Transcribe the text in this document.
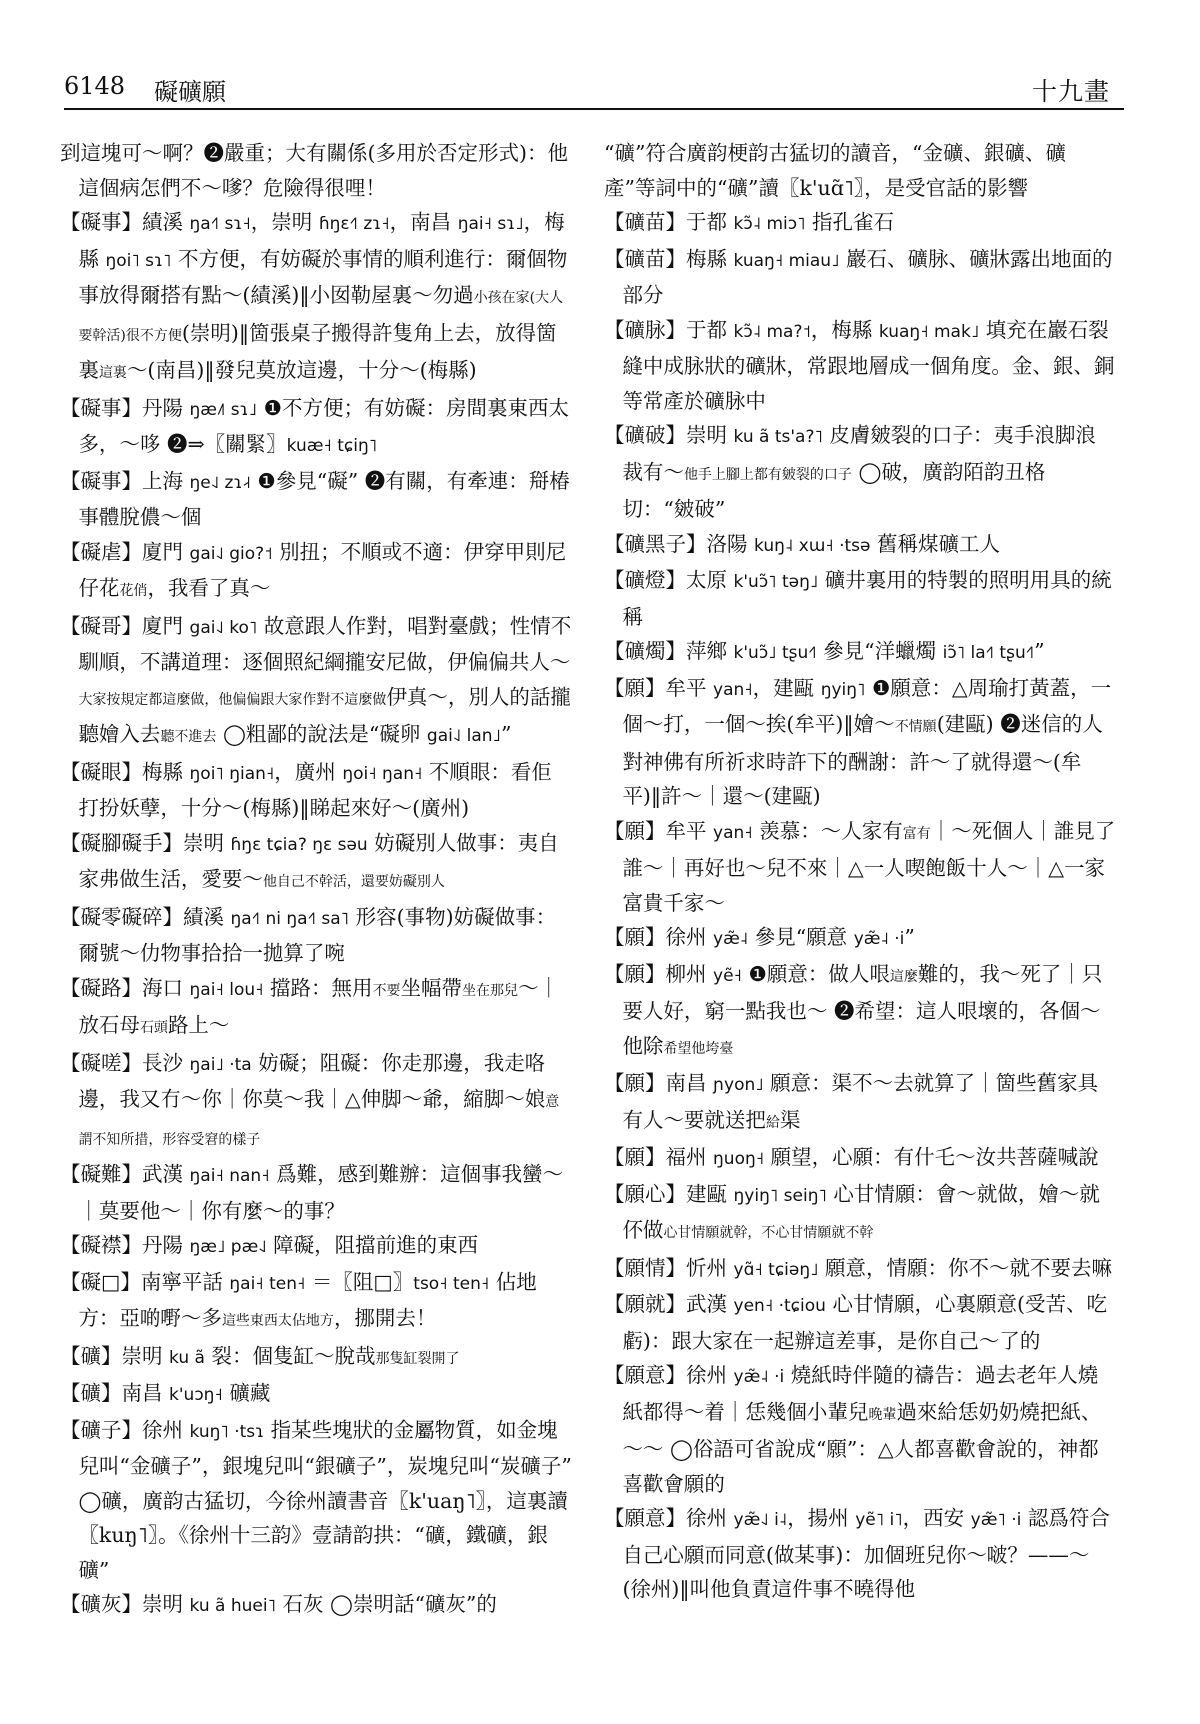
6148 礙礦願	十九畫

到這塊可～啊？❷嚴重；大有關係(多用於否定形式)：他這個病怎們不～嗲？危險得很哩！

【礙事】績溪 ŋa˧˥ sɿ˧，崇明 ɦŋɛ˧˥ zɿ˧，南昌 ŋai˧ sɿ˩，梅縣 ŋoi˥ sɿ˥ 不方便，有妨礙於事情的順利進行：爾個物事放得爾搭有點～(績溪)‖小囡勒屋裏～勿過小孩在家(大人要幹活)很不方便(崇明)‖箇張桌子搬得許隻角上去，放得箇裏這裏～(南昌)‖發兒莫放這邊，十分～(梅縣)

【礙事】丹陽 ŋæ˩˥ sɿ˩ ❶不方便；有妨礙：房間裏東西太多，～哆 ❷⇒〖關緊〗kuæ˧ tɕiŋ˥

【礙事】上海 ŋe˨˩ zɿ˨˧ ❶參見“礙” ❷有關，有牽連：搿椿事體脫儂～個

【礙虐】廈門 gai˨˩ gio?˦ 別扭；不順或不適：伊穿甲則尼仔花花俏，我看了真～

【礙哥】廈門 gai˨˩ ko˥ 故意跟人作對，唱對臺戲；性情不馴順，不講道理：逐個照紀綱攏安尼做，伊偏偏共人～大家按規定都這麼做，他偏偏跟大家作對不這麼做伊真～，別人的話攏聽嬒入去聽不進去 ◯粗鄙的說法是“礙卵 gai˨˩ lan˩”

【礙眼】梅縣 ŋoi˥ ŋian˧，廣州 ŋoi˧ ŋan˧ 不順眼：看佢打扮妖孽，十分～(梅縣)‖睇起來好～(廣州)

【礙腳礙手】崇明 ɦŋɛ tɕia? ŋɛ səu 妨礙別人做事：夷自家弗做生活，愛要～他自己不幹活，還要妨礙別人

【礙零礙碎】績溪 ŋa˧˥ ni ŋa˧˥ sa˥ 形容(事物)妨礙做事：爾號～仂物事拾拾一拋算了啘

【礙路】海口 ŋai˧ lou˧ 擋路：無用不要坐幅帶坐在那兒～｜放石母石頭路上～

【礙嗟】長沙 ŋai˩ ·ta 妨礙；阻礙：你走那邊，我走咯邊，我又冇～你｜你莫～我｜△伸脚～爺，縮脚～娘意謂不知所措，形容受窘的樣子

【礙難】武漢 ŋai˧ nan˧ 爲難，感到難辦：這個事我蠻～｜莫要他～｜你有麼～的事？

【礙襟】丹陽 ŋæ˩ pæ˨˩ 障礙，阻擋前進的東西

【礙□】南寧平話 ŋai˧ ten˧ ＝〖阻□〗tso˧ ten˧ 佔地方：亞啲嘢～多這些東西太佔地方，挪開去！

【礦】崇明 ku ã 裂：個隻缸～脫哉那隻缸裂開了

【礦】南昌 k'uɔŋ˧ 礦藏

【礦子】徐州 kuŋ˥ ·tsɿ 指某些塊狀的金屬物質，如金塊兒叫“金礦子”，銀塊兒叫“銀礦子”，炭塊兒叫“炭礦子” ◯礦，廣韵古猛切，今徐州讀書音〖k'uaŋ˥〗，這裏讀〖kuŋ˥〗。《徐州十三韵》壹請韵拱：“礦，鐵礦，銀礦”

【礦灰】崇明 ku ã huei˥ 石灰 ◯崇明話“礦灰”的

“礦”符合廣韵梗韵古猛切的讀音，“金礦、銀礦、礦產”等詞中的“礦”讀〖k'uɑ̃˥〗，是受官話的影響

【礦苗】于都 kɔ̃˨ miɔ˥ 指孔雀石

【礦苗】梅縣 kuaŋ˧ miau˩ 巖石、礦脉、礦牀露出地面的部分

【礦脉】于都 kɔ̃˨ ma?˦，梅縣 kuaŋ˧ mak˩ 填充在巖石裂縫中成脉狀的礦牀，常跟地層成一個角度。金、銀、銅等常產於礦脉中

【礦破】崇明 ku ã ts'a?˥ 皮膚皴裂的口子：夷手浪脚浪裁有～他手上腳上都有皴裂的口子 ◯破，廣韵陌韵丑格切：“皴破”

【礦黑子】洛陽 kuŋ˨ xɯ˧ ·tsə 舊稱煤礦工人

【礦燈】太原 k'uɔ̃˥ təŋ˩ 礦井裏用的特製的照明用具的統稱

【礦燭】萍鄉 k'uɔ̃˩ tʂu˧˥ 參見“洋蠟燭 iɔ̃˥ la˧˥ tʂu˧˥”

【願】牟平 yan˧，建甌 ŋyiŋ˥ ❶願意：△周瑜打黃蓋，一個～打，一個～挨(牟平)‖嬒～不情願(建甌) ❷迷信的人對神佛有所祈求時許下的酬謝：許～了就得還～(牟平)‖許～｜還～(建甌)

【願】牟平 yan˧ 羡慕：～人家有富有｜～死個人｜誰見了誰～｜再好也～兒不來｜△一人喫飽飯十人～｜△一家富貴千家～

【願】徐州 yæ̃˨ 參見“願意 yæ̃˨ ·i”

【願】柳州 yẽ˧ ❶願意：做人哏這麼難的，我～死了｜只要人好，窮一點我也～ ❷希望：這人哏壞的，各個～他除希望他垮臺

【願】南昌 ɲyon˩ 願意：渠不～去就算了｜箇些舊家具有人～要就送把給渠

【願】福州 ŋuoŋ˧ 願望，心願：有什乇～汝共菩薩喊說

【願心】建甌 ŋyiŋ˥ seiŋ˥ 心甘情願：會～就做，嬒～就伓做心甘情願就幹，不心甘情願就不幹

【願情】忻州 yɑ̃˧ tɕiəŋ˩ 願意，情願：你不～就不要去嘛

【願就】武漢 yen˧ ·tɕiou 心甘情願，心裏願意(受苦、吃虧)：跟大家在一起辦這差事，是你自己～了的

【願意】徐州 yæ̃˨ ·i 燒紙時伴隨的禱告：過去老年人燒紙都得～着｜恁幾個小輩兒晚輩過來給恁奶奶燒把紙、～～ ◯俗語可省說成“願”：△人都喜歡會說的，神都喜歡會願的

【願意】徐州 yæ̃˨˩ i˨，揚州 yẽ˥ i˥，西安 yæ̃˥ ·i 認爲符合自己心願而同意(做某事)：加個班兒你～啵？——～(徐州)‖叫他負責這件事不曉得他
